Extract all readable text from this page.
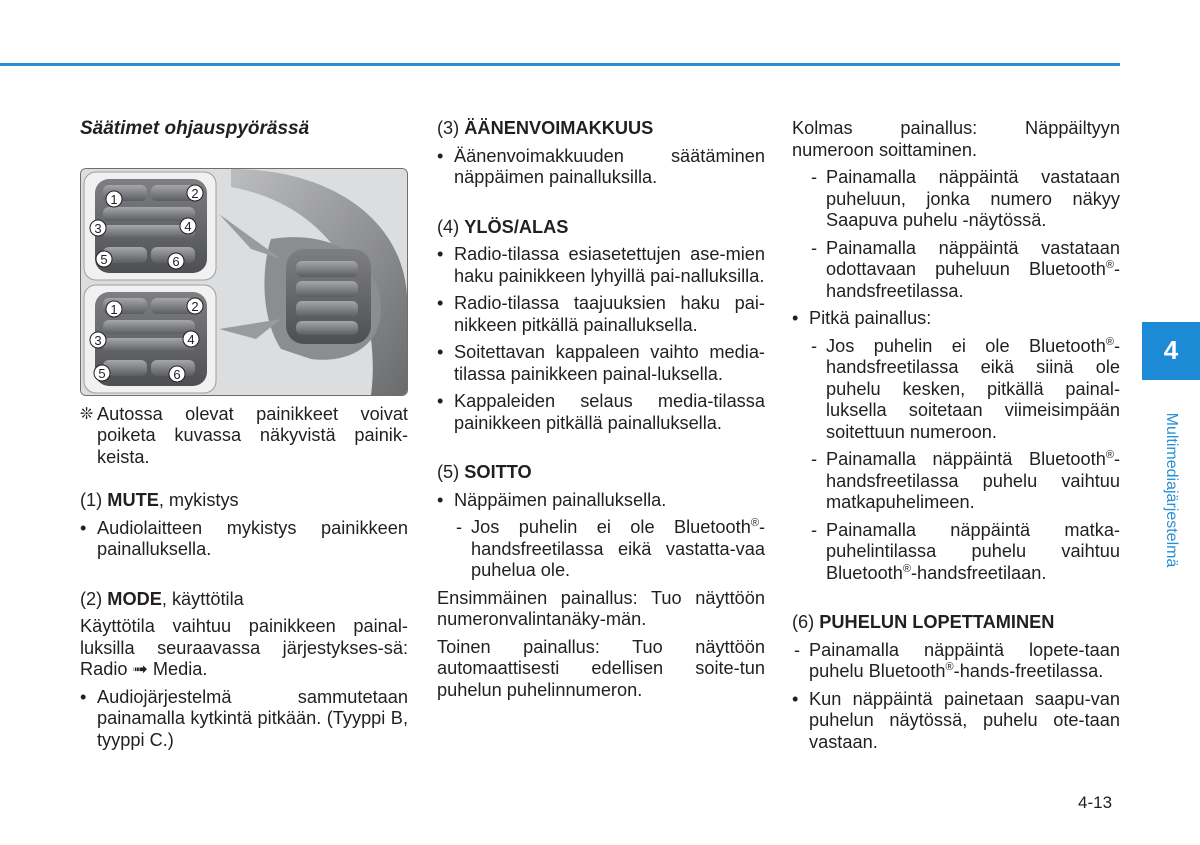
Säätimet ohjauspyörässä
1	2
3	4
5	6
1	2
3	4
5	6

❊ Autossa olevat painikkeet voivat poiketa kuvassa näkyvistä painik-keista.

(1) MUTE, mykistys

• Audiolaitteen mykistys painikkeen painalluksella.

(2) MODE, käyttötila

Käyttötila vaihtuu painikkeen painal-luksilla seuraavassa järjestykses-sä: Radio ➟ Media.

• Audiojärjestelmä sammutetaan painamalla kytkintä pitkään. (Tyyppi B, tyyppi C.)

(3) ÄÄNENVOIMAKKUUS

• Äänenvoimakkuuden säätäminen näppäimen painalluksilla.

(4) YLÖS/ALAS

• Radio-tilassa esiasetettujen ase-mien haku painikkeen lyhyillä pai-nalluksilla.

• Radio-tilassa taajuuksien haku pai-nikkeen pitkällä painalluksella.

• Soitettavan kappaleen vaihto media-tilassa painikkeen painal-luksella.

• Kappaleiden selaus media-tilassa painikkeen pitkällä painalluksella.

(5) SOITTO

• Näppäimen painalluksella.

- Jos puhelin ei ole Bluetooth®-handsfreetilassa eikä vastatta-vaa puhelua ole.

Ensimmäinen painallus: Tuo näyttöön numeronvalintanäky-män.

Toinen painallus: Tuo näyttöön automaattisesti edellisen soite-tun puhelun puhelinnumeron.

Kolmas painallus: Näppäiltyyn numeroon soittaminen.

- Painamalla näppäintä vastataan puheluun, jonka numero näkyy Saapuva puhelu -näytössä.

- Painamalla näppäintä vastataan odottavaan puheluun Bluetooth®-handsfreetilassa.

• Pitkä painallus:

- Jos puhelin ei ole Bluetooth®-handsfreetilassa eikä siinä ole puhelu kesken, pitkällä painal-luksella soitetaan viimeisimpään soitettuun numeroon.

- Painamalla näppäintä Bluetooth®-handsfreetilassa puhelu vaihtuu matkapuhelimeen.

- Painamalla näppäintä matka-puhelintilassa puhelu vaihtuu Bluetooth®-handsfreetilaan.

(6) PUHELUN LOPETTAMINEN

- Painamalla näppäintä lopete-taan puhelu Bluetooth®-hands-freetilassa.

• Kun näppäintä painetaan saapu-van puhelun näytössä, puhelu ote-taan vastaan.

4
Multimediajärjestelmä
4-13
